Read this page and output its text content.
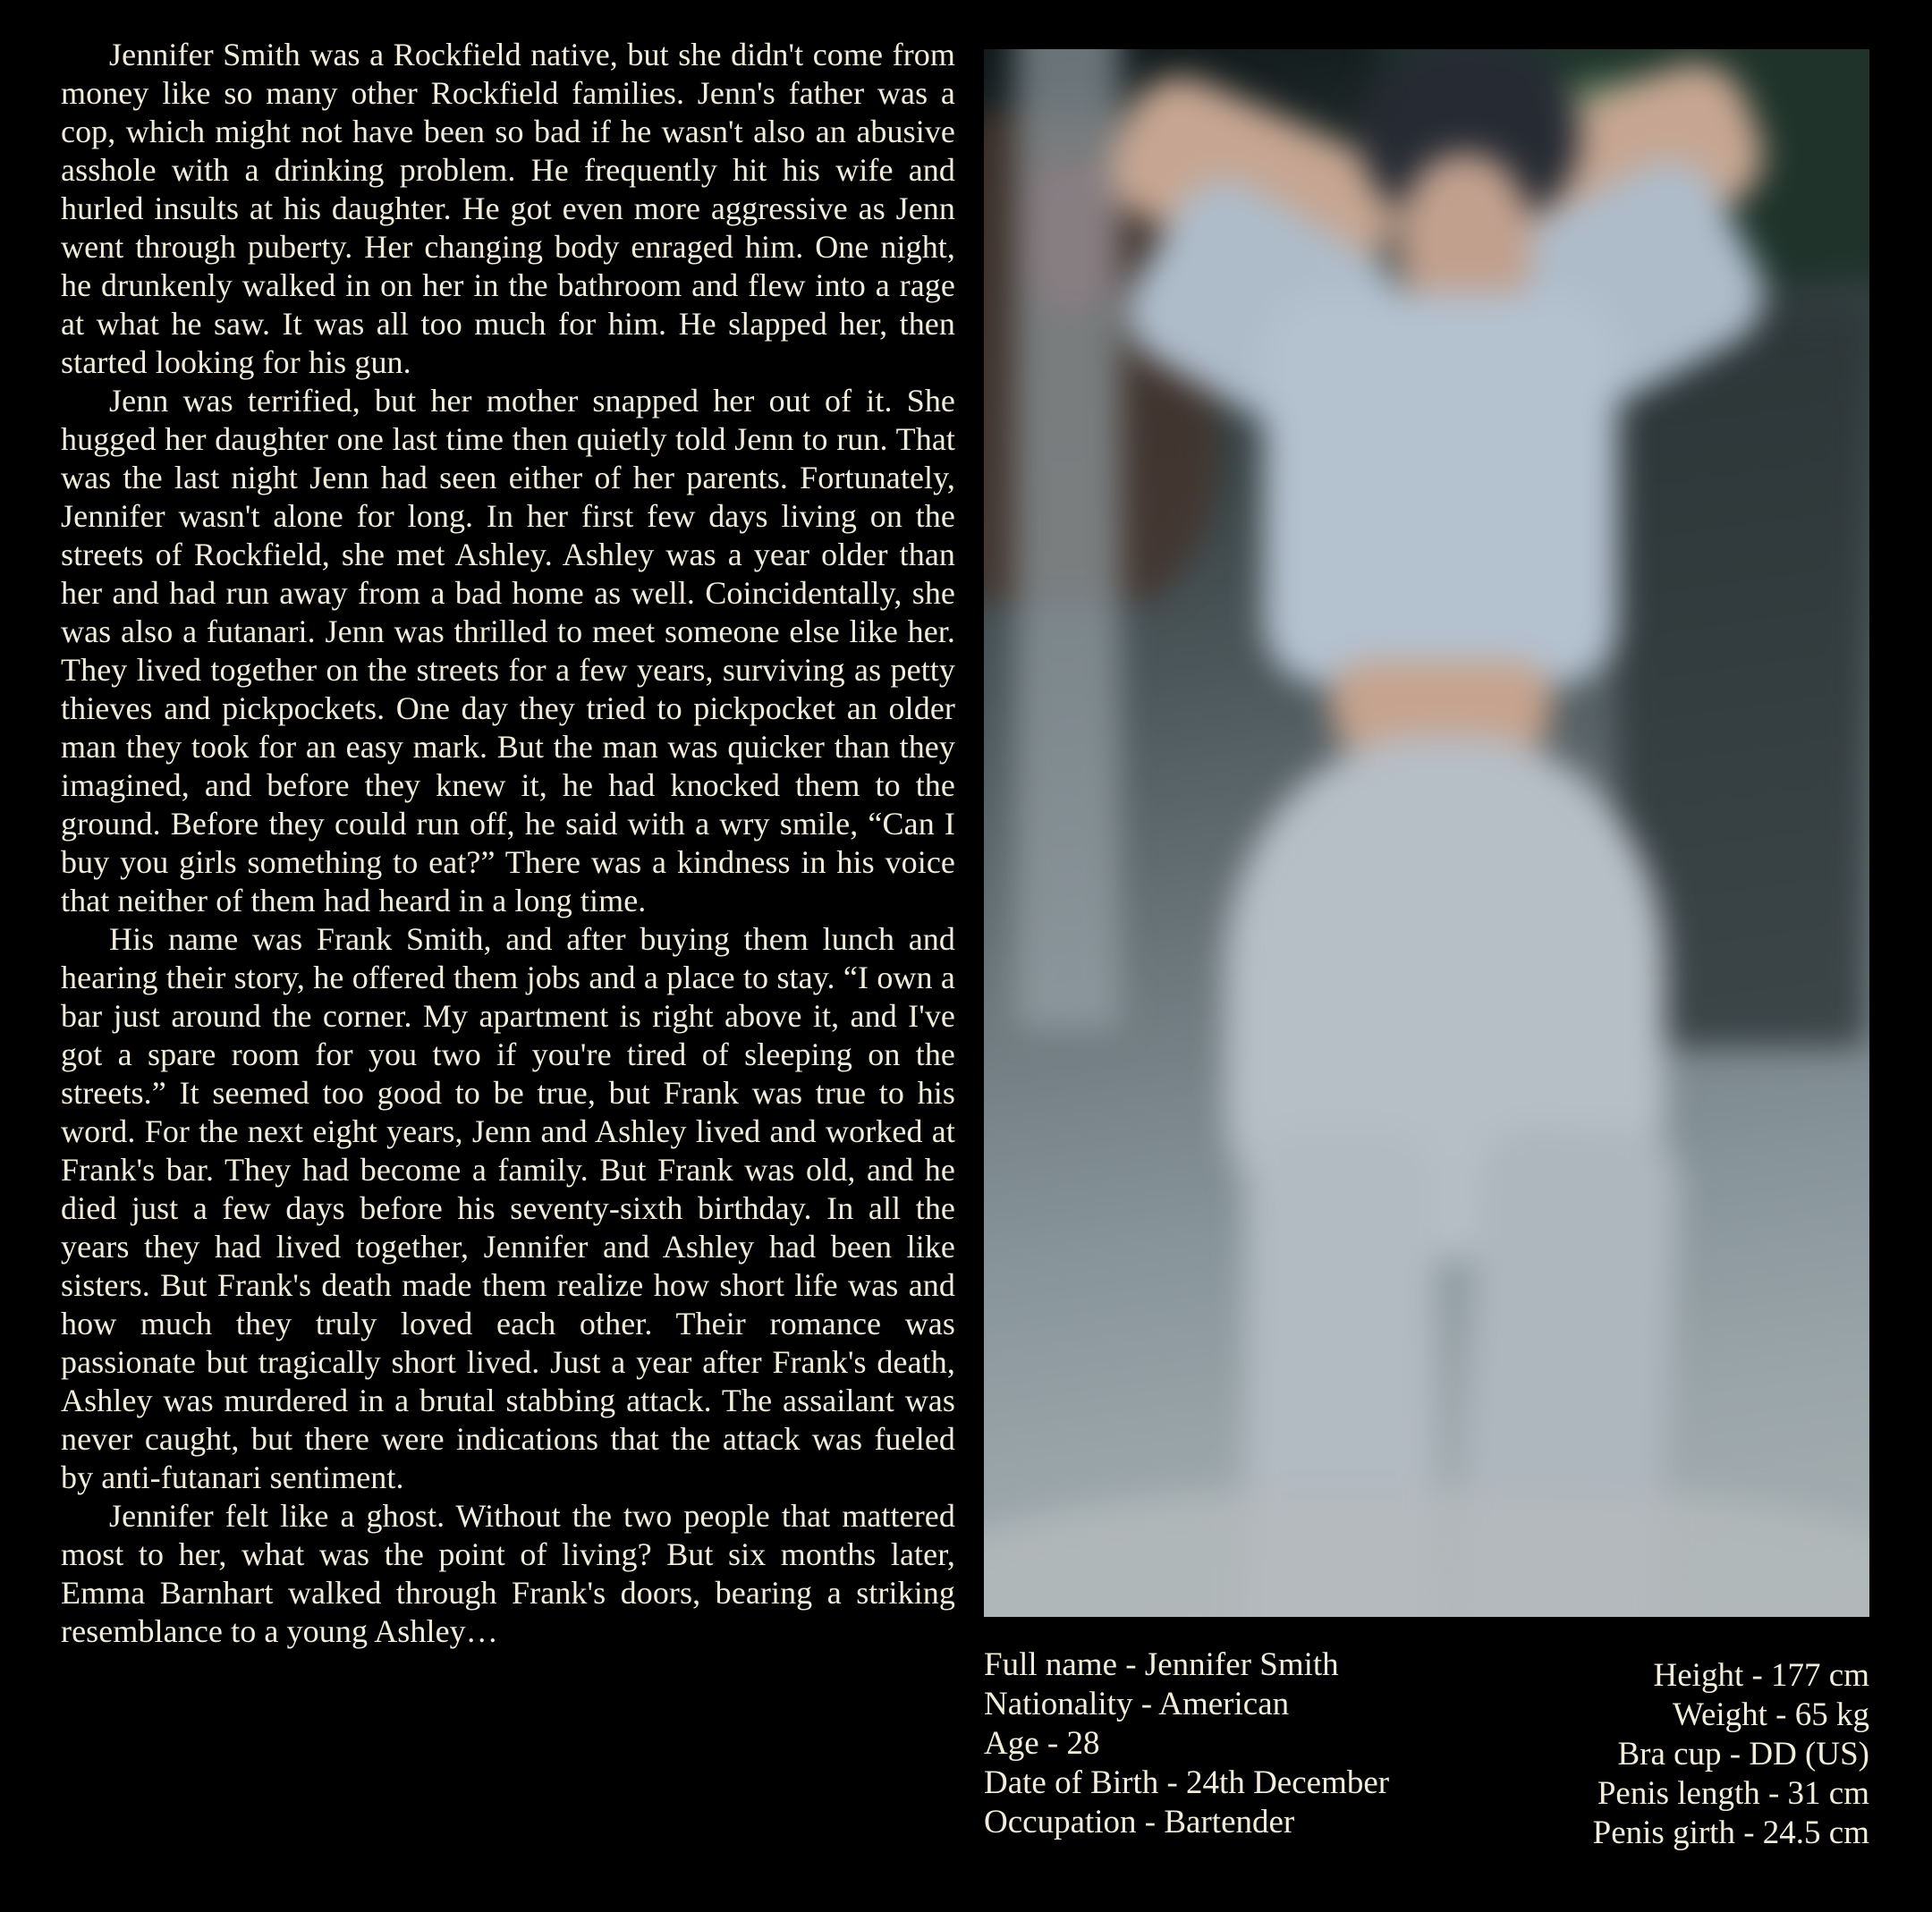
Jennifer Smith was a Rockfield native, but she didn't come from money like so many other Rockfield families. Jenn's father was a cop, which might not have been so bad if he wasn't also an abusive asshole with a drinking problem. He frequently hit his wife and hurled insults at his daughter. He got even more aggressive as Jenn went through puberty. Her changing body enraged him. One night, he drunkenly walked in on her in the bathroom and flew into a rage at what he saw. It was all too much for him. He slapped her, then started looking for his gun.

Jenn was terrified, but her mother snapped her out of it. She hugged her daughter one last time then quietly told Jenn to run. That was the last night Jenn had seen either of her parents. Fortunately, Jennifer wasn't alone for long. In her first few days living on the streets of Rockfield, she met Ashley. Ashley was a year older than her and had run away from a bad home as well. Coincidentally, she was also a futanari. Jenn was thrilled to meet someone else like her. They lived together on the streets for a few years, surviving as petty thieves and pickpockets. One day they tried to pickpocket an older man they took for an easy mark. But the man was quicker than they imagined, and before they knew it, he had knocked them to the ground. Before they could run off, he said with a wry smile, “Can I buy you girls something to eat?” There was a kindness in his voice that neither of them had heard in a long time.

His name was Frank Smith, and after buying them lunch and hearing their story, he offered them jobs and a place to stay. “I own a bar just around the corner. My apartment is right above it, and I've got a spare room for you two if you're tired of sleeping on the streets.” It seemed too good to be true, but Frank was true to his word. For the next eight years, Jenn and Ashley lived and worked at Frank's bar. They had become a family. But Frank was old, and he died just a few days before his seventy-sixth birthday. In all the years they had lived together, Jennifer and Ashley had been like sisters. But Frank's death made them realize how short life was and how much they truly loved each other. Their romance was passionate but tragically short lived. Just a year after Frank's death, Ashley was murdered in a brutal stabbing attack. The assailant was never caught, but there were indications that the attack was fueled by anti-futanari sentiment.

Jennifer felt like a ghost. Without the two people that mattered most to her, what was the point of living? But six months later, Emma Barnhart walked through Frank's doors, bearing a striking resemblance to a young Ashley…

Full name - Jennifer Smith
Nationality - American
Age - 28
Date of Birth - 24th December
Occupation - Bartender
Height - 177 cm
Weight - 65 kg
Bra cup - DD (US)
Penis length - 31 cm
Penis girth - 24.5 cm
